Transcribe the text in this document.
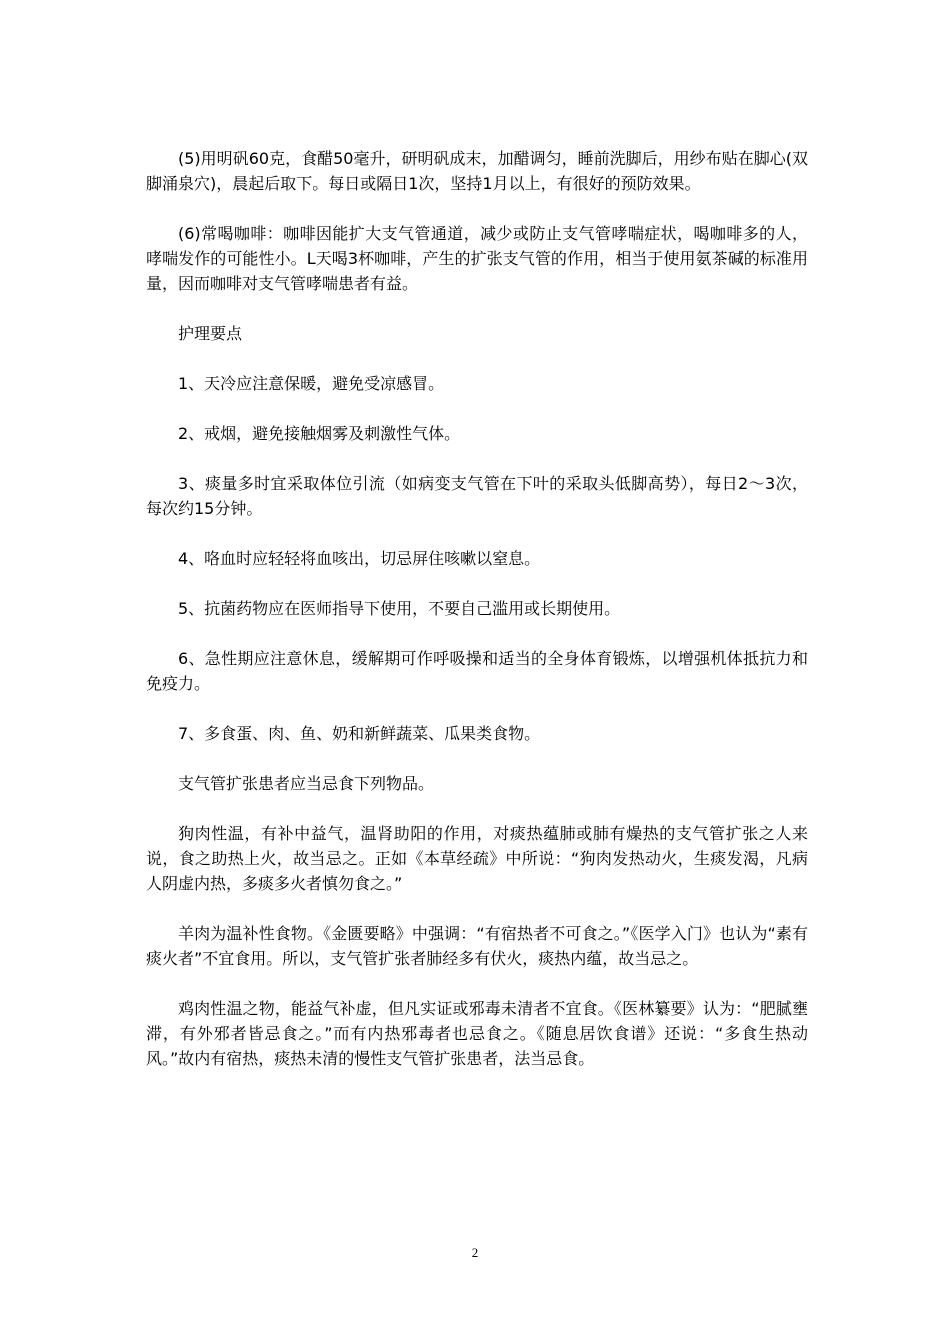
(5)用明矾60克，食醋50毫升，研明矾成末，加醋调匀，睡前洗脚后，用纱布贴在脚心(双脚涌泉穴)，晨起后取下。每日或隔日1次，坚持1月以上，有很好的预防效果。

(6)常喝咖啡：咖啡因能扩大支气管通道，减少或防止支气管哮喘症状，喝咖啡多的人，哮喘发作的可能性小。L天喝3杯咖啡，产生的扩张支气管的作用，相当于使用氨茶碱的标准用量，因而咖啡对支气管哮喘患者有益。

护理要点

1、天冷应注意保暖，避免受凉感冒。

2、戒烟，避免接触烟雾及刺激性气体。

3、痰量多时宜采取体位引流（如病变支气管在下叶的采取头低脚高势），每日2～3次，每次约15分钟。

4、咯血时应轻轻将血咳出，切忌屏住咳嗽以窒息。

5、抗菌药物应在医师指导下使用，不要自己滥用或长期使用。

6、急性期应注意休息，缓解期可作呼吸操和适当的全身体育锻炼，以增强机体抵抗力和免疫力。

7、多食蛋、肉、鱼、奶和新鲜蔬菜、瓜果类食物。

支气管扩张患者应当忌食下列物品。

狗肉性温，有补中益气，温肾助阳的作用，对痰热蕴肺或肺有燥热的支气管扩张之人来说，食之助热上火，故当忌之。正如《本草经疏》中所说：“狗肉发热动火，生痰发渴，凡病人阴虚内热，多痰多火者慎勿食之。”

羊肉为温补性食物。《金匮要略》中强调：“有宿热者不可食之。”《医学入门》也认为“素有痰火者”不宜食用。所以，支气管扩张者肺经多有伏火，痰热内蕴，故当忌之。

鸡肉性温之物，能益气补虚，但凡实证或邪毒未清者不宜食。《医林纂要》认为：“肥腻壅滞，有外邪者皆忌食之。”而有内热邪毒者也忌食之。《随息居饮食谱》还说：“多食生热动风。”故内有宿热，痰热未清的慢性支气管扩张患者，法当忌食。

2
